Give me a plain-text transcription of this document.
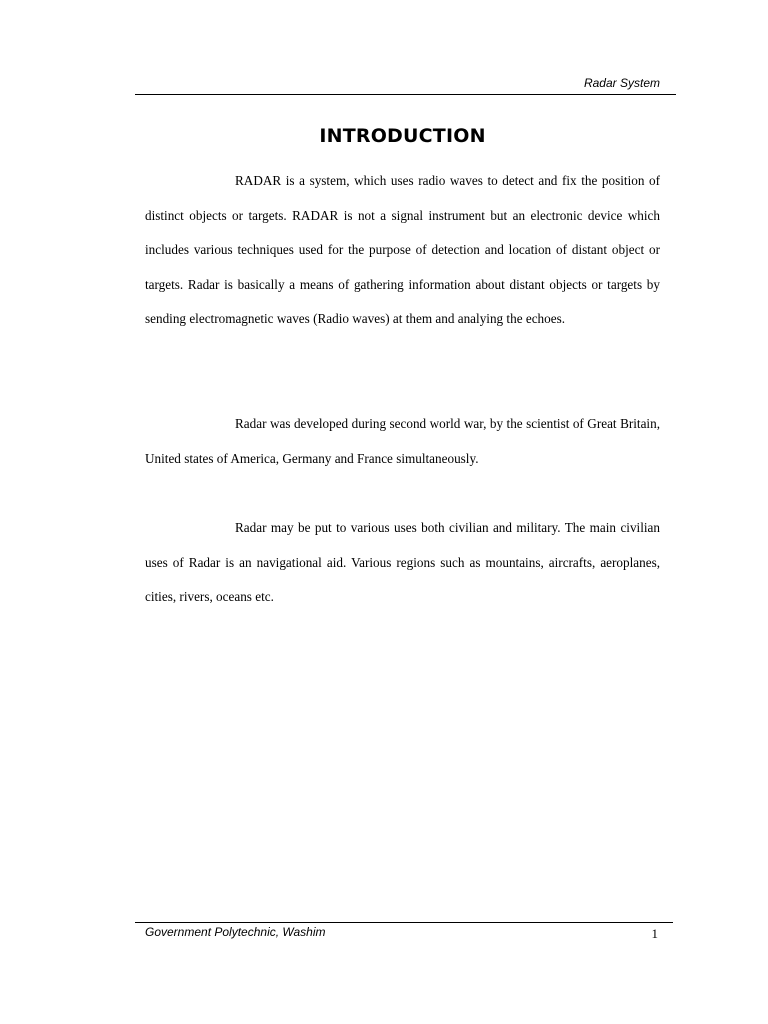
Radar System
INTRODUCTION

RADAR is a system, which uses radio waves to detect and fix the position of distinct objects or targets. RADAR is not a signal instrument but an electronic device which includes various techniques used for the purpose of detection and location of distant object or targets. Radar is basically a means of gathering information about distant objects or targets by sending electromagnetic waves (Radio waves) at them and analying the echoes.

Radar was developed during second world war, by the scientist of Great Britain, United states of America, Germany and France simultaneously.

Radar may be put to various uses both civilian and military. The main civilian uses of Radar is an navigational aid. Various regions such as mountains, aircrafts, aeroplanes, cities, rivers, oceans etc.

Government Polytechnic, Washim	1
